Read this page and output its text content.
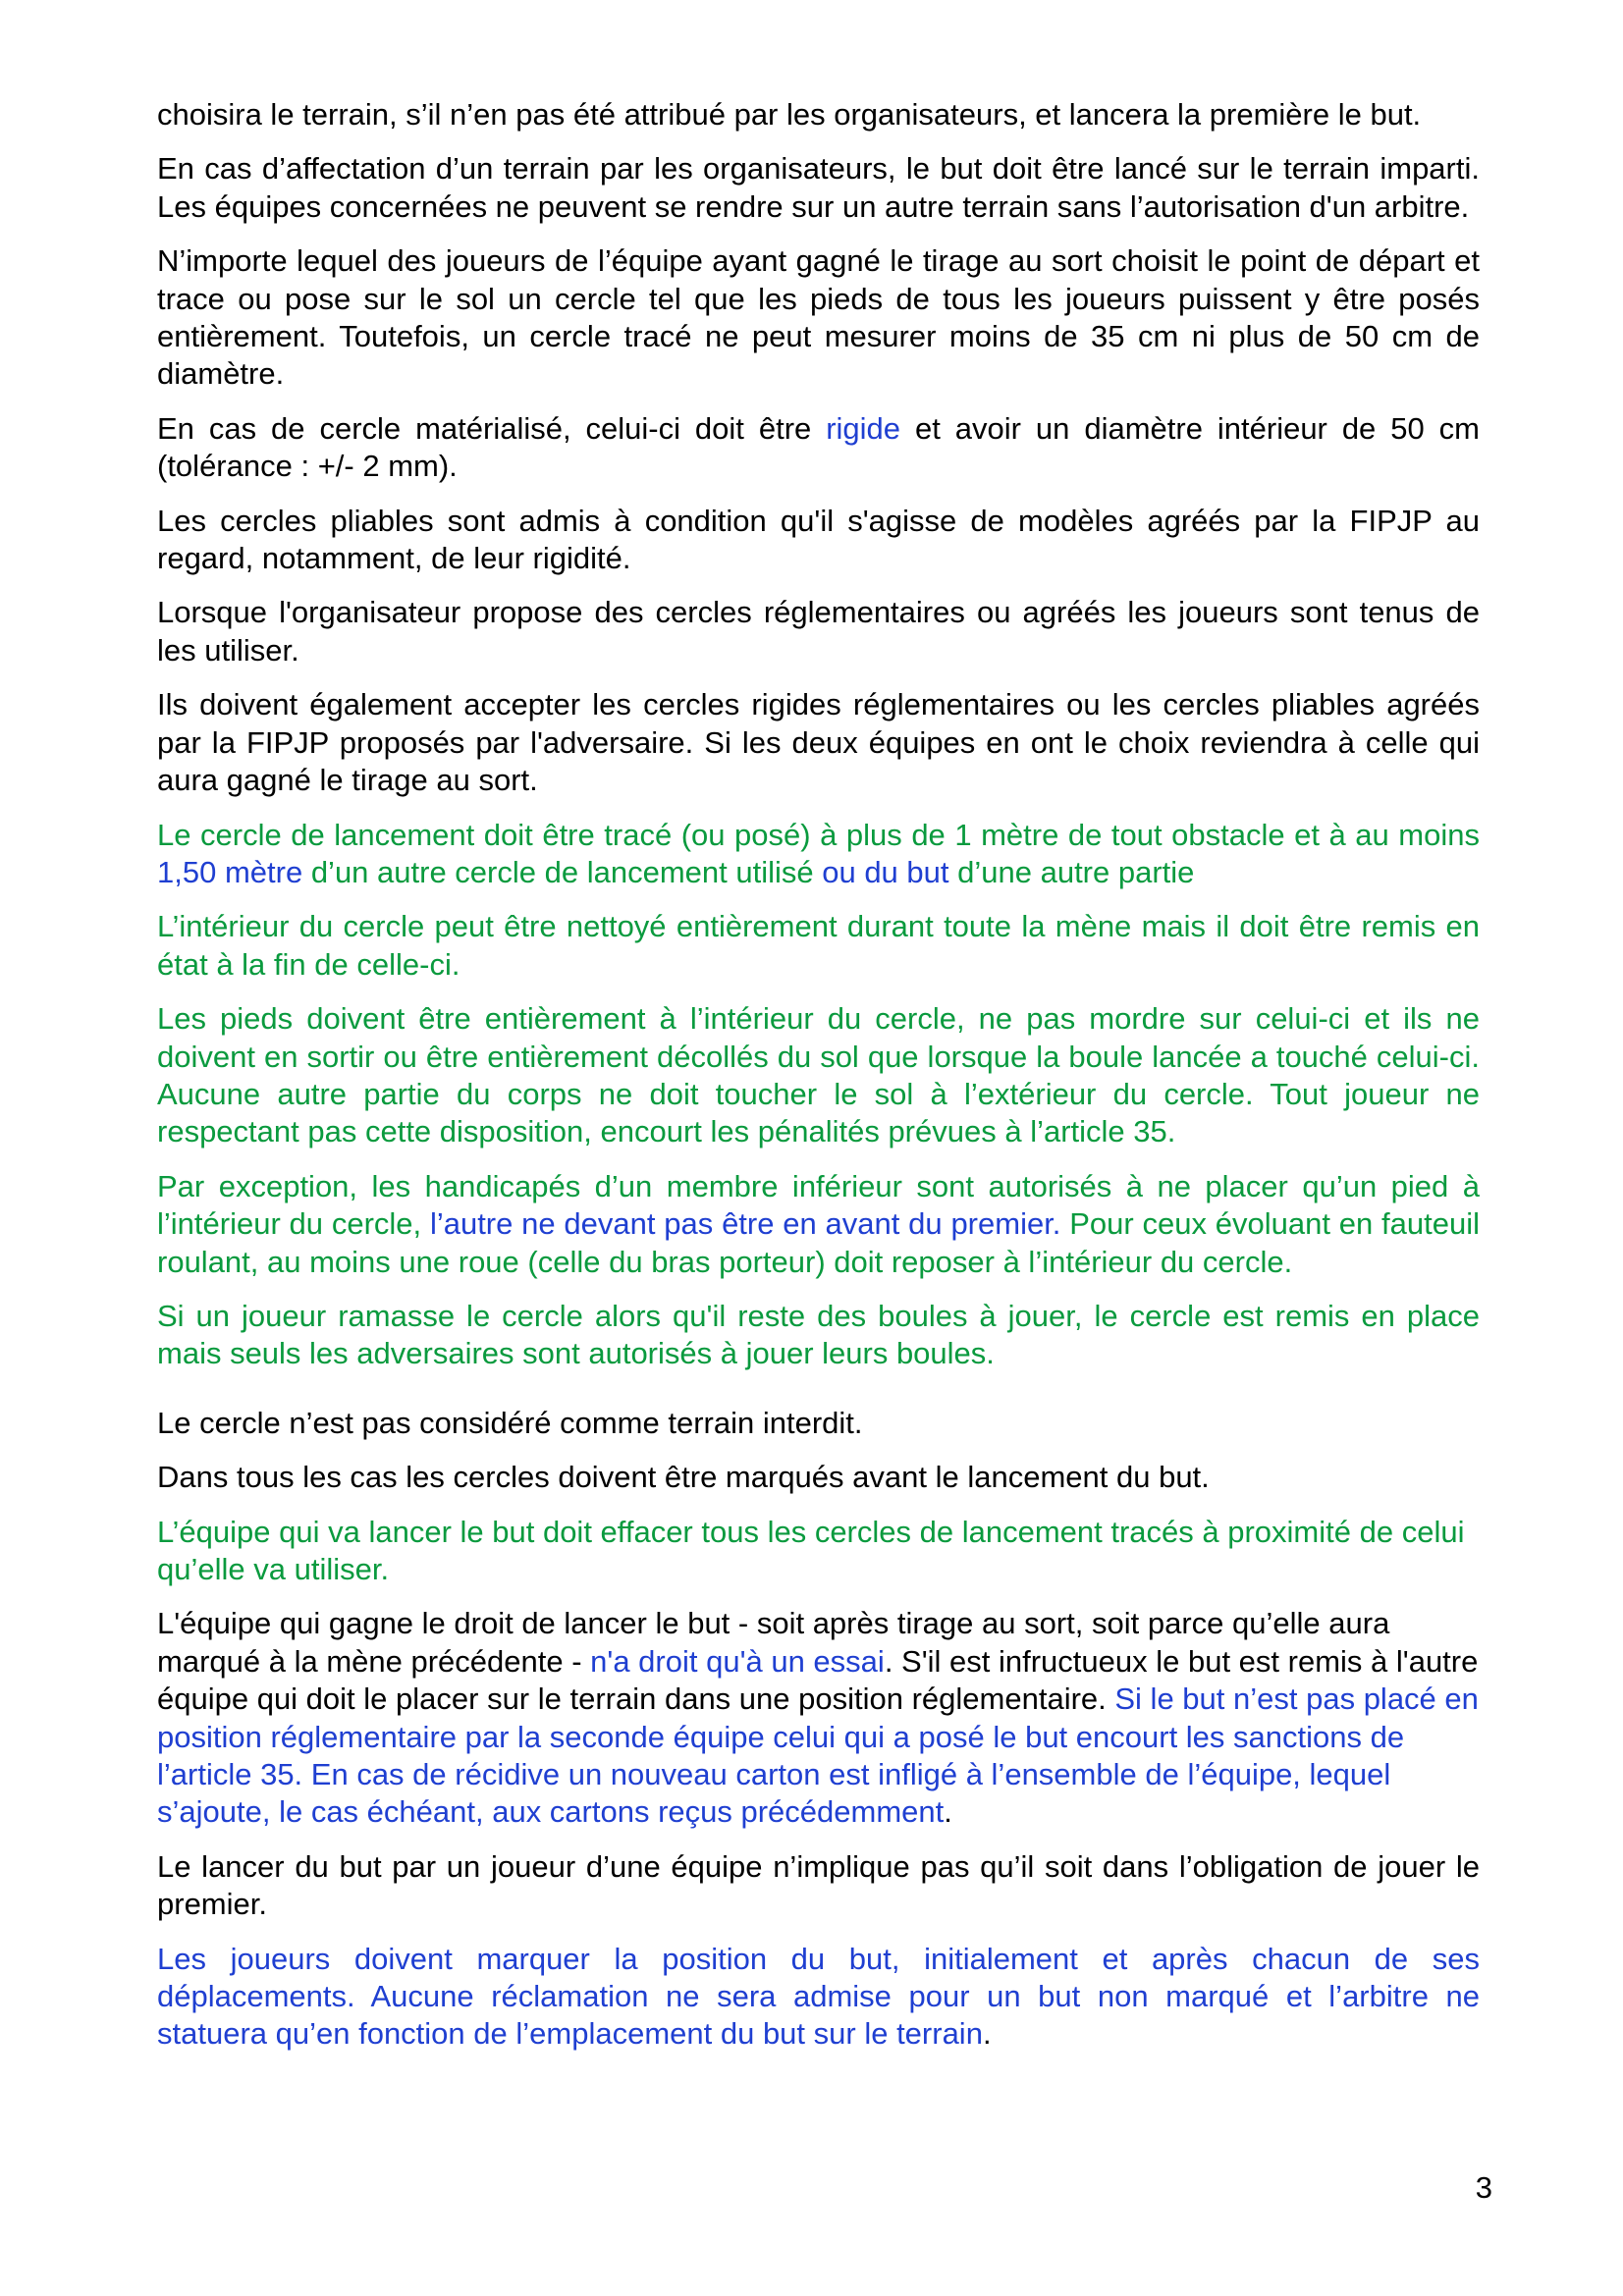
choisira le terrain, s’il n’en pas été attribué par les organisateurs, et lancera la première le but.

En cas d’affectation d’un terrain par les organisateurs, le but doit être lancé sur le terrain imparti. Les équipes concernées ne peuvent se rendre sur un autre terrain sans l’autorisation d'un arbitre.

N’importe lequel des joueurs de l’équipe ayant gagné le tirage au sort choisit le point de départ et trace ou pose sur le sol un cercle tel que les pieds de tous les joueurs puissent y être posés entièrement. Toutefois, un cercle tracé ne peut mesurer moins de 35 cm ni plus de 50 cm de diamètre.

En cas de cercle matérialisé, celui-ci doit être rigide et avoir un diamètre intérieur de 50 cm (tolérance : +/- 2 mm).

Les cercles pliables sont admis à condition qu'il s'agisse de modèles agréés par la FIPJP au regard, notamment, de leur rigidité.

Lorsque l'organisateur propose des cercles réglementaires ou agréés les joueurs sont tenus de les utiliser.

Ils doivent également accepter les cercles rigides réglementaires ou les cercles pliables agréés par la FIPJP proposés par l'adversaire. Si les deux équipes en ont le choix reviendra à celle qui aura gagné le tirage au sort.

Le cercle de lancement doit être tracé (ou posé) à plus de 1 mètre de tout obstacle et à au moins 1,50 mètre d’un autre cercle de lancement utilisé ou du but d’une autre partie

L’intérieur du cercle peut être nettoyé entièrement durant toute la mène mais il doit être remis en état à la fin de celle-ci.

Les pieds doivent être entièrement à l’intérieur du cercle, ne pas mordre sur celui-ci et ils ne doivent en sortir ou être entièrement décollés du sol que lorsque la boule lancée a touché celui-ci. Aucune autre partie du corps ne doit toucher le sol à l’extérieur du cercle. Tout joueur ne respectant pas cette disposition, encourt les pénalités prévues à l’article 35.

Par exception, les handicapés d’un membre inférieur sont autorisés à ne placer qu’un pied à l’intérieur du cercle, l’autre ne devant pas être en avant du premier. Pour ceux évoluant en fauteuil roulant, au moins une roue (celle du bras porteur) doit reposer à l’intérieur du cercle.

Si un joueur ramasse le cercle alors qu'il reste des boules à jouer, le cercle est remis en place mais seuls les adversaires sont autorisés à jouer leurs boules.

Le cercle n’est pas considéré comme terrain interdit.

Dans tous les cas les cercles doivent être marqués avant le lancement du but.

L’équipe qui va lancer le but doit effacer tous les cercles de lancement tracés à proximité de celui qu’elle va utiliser.

L'équipe qui gagne le droit de lancer le but - soit après tirage au sort, soit parce qu’elle aura marqué à la mène précédente - n'a droit qu'à un essai. S'il est infructueux le but est remis à l'autre équipe qui doit le placer sur le terrain dans une position réglementaire. Si le but n’est pas placé en position réglementaire par la seconde équipe celui qui a posé le but encourt les sanctions de l’article 35. En cas de récidive un nouveau carton est infligé à l’ensemble de l’équipe, lequel s’ajoute, le cas échéant, aux cartons reçus précédemment.

Le lancer du but par un joueur d’une équipe n’implique pas qu’il soit dans l’obligation de jouer le premier.

Les joueurs doivent marquer la position du but, initialement et après chacun de ses déplacements. Aucune réclamation ne sera admise pour un but non marqué et l’arbitre ne statuera qu’en fonction de l’emplacement du but sur le terrain.

3
